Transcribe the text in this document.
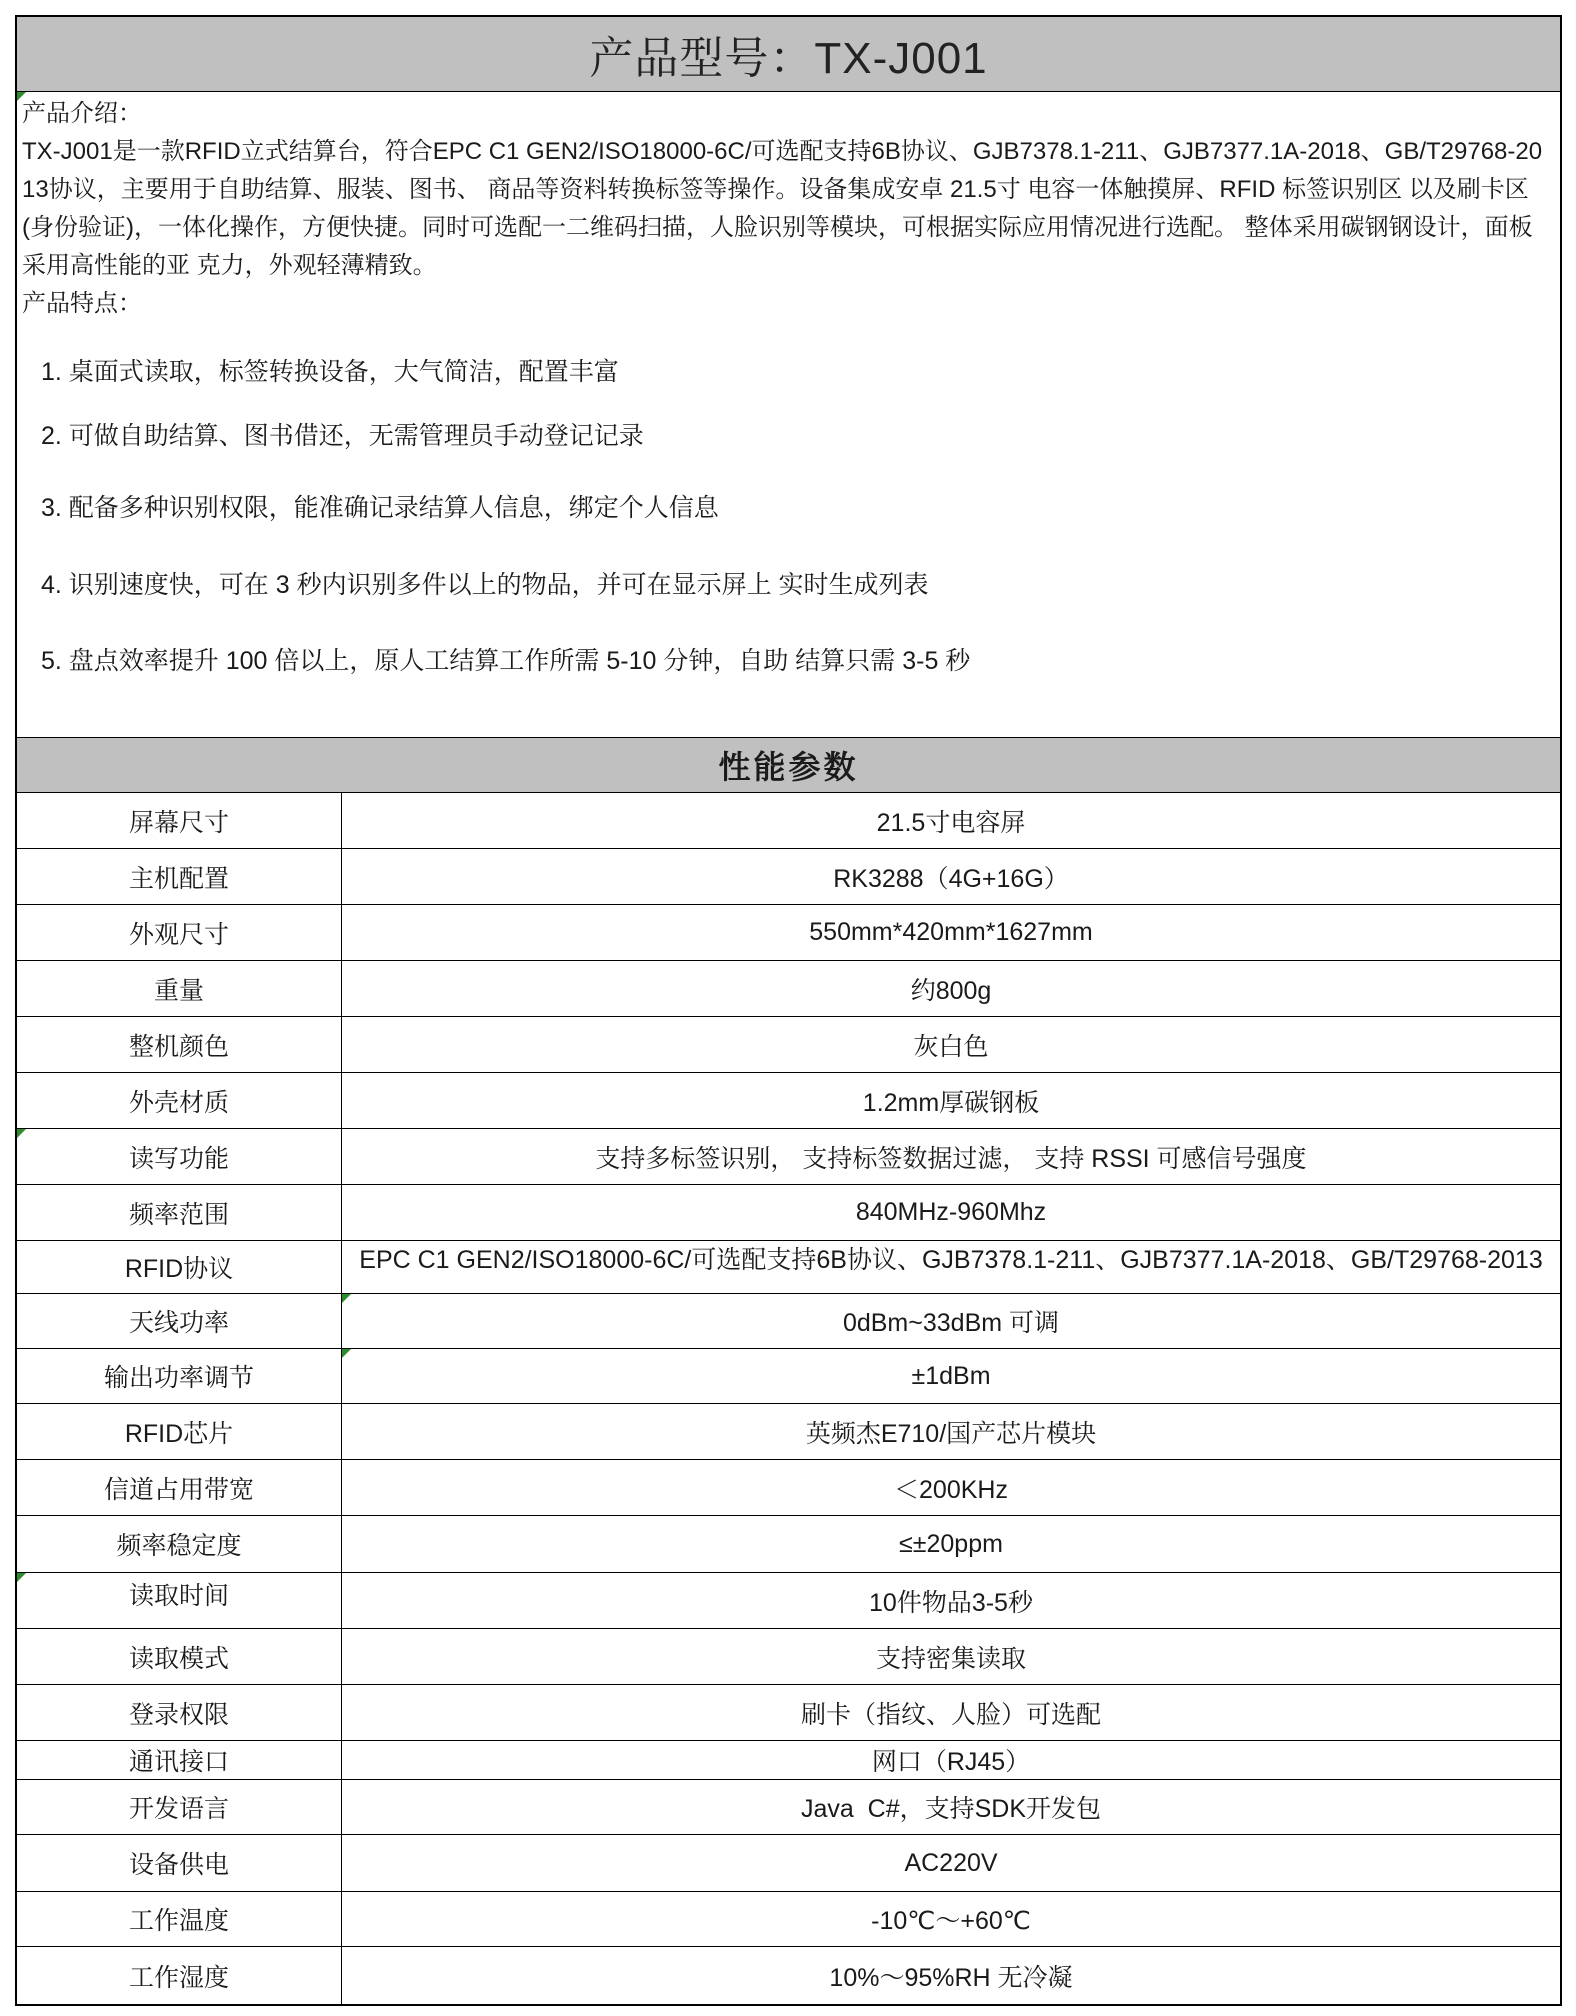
产品型号：TX-J001

产品介绍：

TX-J001是一款RFID立式结算台，符合EPC C1 GEN2/ISO18000-6C/可选配支持6B协议、GJB7378.1-211、GJB7377.1A-2018、GB/T29768-2013协议，主要用于自助结算、服装、图书、 商品等资料转换标签等操作。设备集成安卓 21.5寸 电容一体触摸屏、RFID 标签识别区 以及刷卡区(身份验证)，一体化操作，方便快捷。同时可选配一二维码扫描，人脸识别等模块，可根据实际应用情况进行选配。 整体采用碳钢钢设计，面板采用高性能的亚 克力，外观轻薄精致。

产品特点：

1. 桌面式读取，标签转换设备，大气简洁，配置丰富
2. 可做自助结算、图书借还，无需管理员手动登记记录
3. 配备多种识别权限，能准确记录结算人信息，绑定个人信息
4. 识别速度快，可在 3 秒内识别多件以上的物品，并可在显示屏上 实时生成列表
5. 盘点效率提升 100 倍以上，原人工结算工作所需 5-10 分钟，自助 结算只需 3-5 秒
性能参数
屏幕尺寸	21.5寸电容屏
主机配置	RK3288（4G+16G）
外观尺寸	550mm*420mm*1627mm
重量	约800g
整机颜色	灰白色
外壳材质	1.2mm厚碳钢板
读写功能	支持多标签识别， 支持标签数据过滤， 支持 RSSI 可感信号强度
频率范围	840MHz-960Mhz
RFID协议	EPC C1 GEN2/ISO18000-6C/可选配支持6B协议、GJB7378.1-211、GJB7377.1A-2018、GB/T29768-2013
天线功率	0dBm~33dBm 可调
输出功率调节	±1dBm
RFID芯片	英频杰E710/国产芯片模块
信道占用带宽	＜200KHz
频率稳定度	≤±20ppm
读取时间	10件物品3-5秒
读取模式	支持密集读取
登录权限	刷卡（指纹、人脸）可选配
通讯接口	网口（RJ45）
开发语言	Java  C#，支持SDK开发包
设备供电	AC220V
工作温度	-10℃～+60℃
工作湿度	10%～95%RH 无冷凝
